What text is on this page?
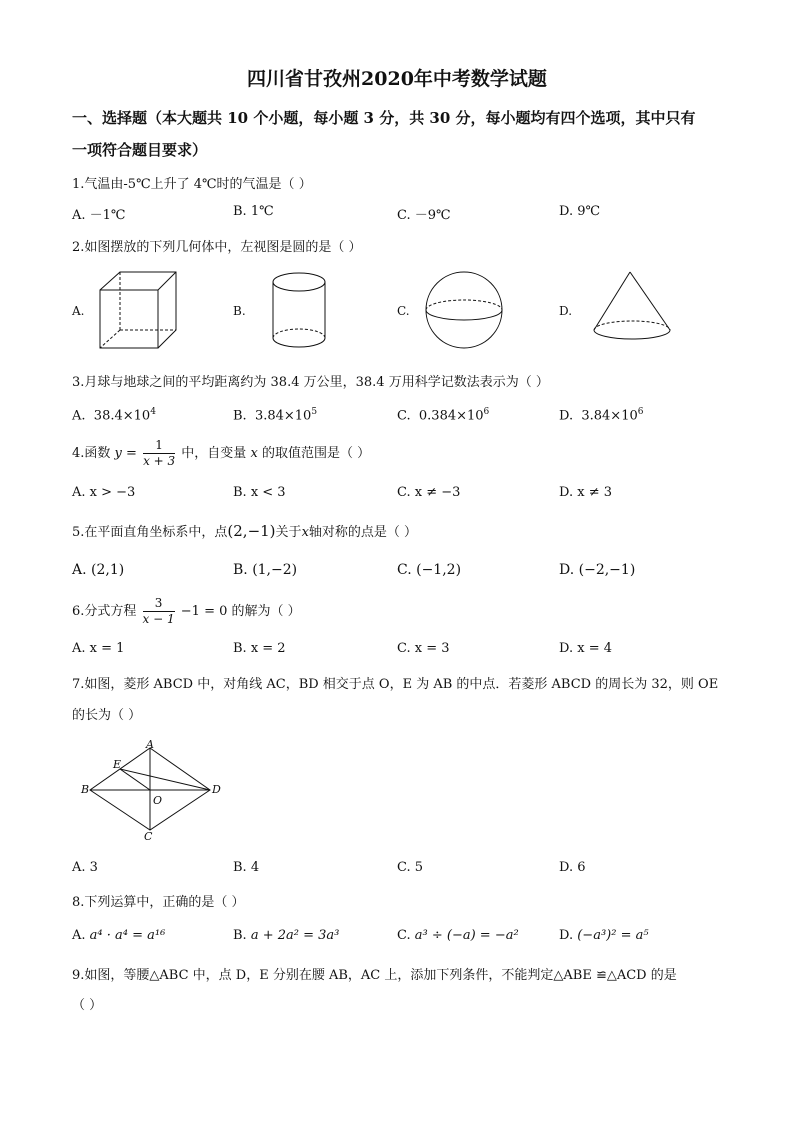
四川省甘孜州2020年中考数学试题
一、选择题（本大题共 10 个小题，每小题 3 分，共 30 分，每小题均有四个选项，其中只有
一项符合题目要求）
1.气温由-5℃上升了 4℃时的气温是（ ）
A. －1℃	B. 1℃	C. －9℃	D. 9℃
2.如图摆放的下列几何体中，左视图是圆的是（ ）
A.	B.	C.	D.
3.月球与地球之间的平均距离约为 38.4 万公里，38.4 万用科学记数法表示为（ ）
A. $38.4\times 10^4$	B. $3.84\times 10^5$	C. $0.384\times 10^6$	D. $3.84\times 10^6$
4.函数 $y = \frac{1}{x + 3}$ 中，自变量 x 的取值范围是（ ）
A. x > −3	B. x < 3	C. x ≠ −3	D. x ≠ 3
5.在平面直角坐标系中，点(2,−1)关于x轴对称的点是（ ）
A. (2,1)	B. (1,−2)	C. (−1,2)	D. (−2,−1)
6.分式方程 $\frac{3}{x - 1} -1 = 0$ 的解为（ ）
A. x = 1	B. x = 2	C. x = 3	D. x = 4
7.如图，菱形 ABCD 中，对角线 AC，BD 相交于点 O，E 为 AB 的中点．若菱形 ABCD 的周长为 32，则 OE
的长为（ ）
A
B
C
D
E
O
A. 3	B. 4	C. 5	D. 6
8.下列运算中，正确的是（ ）
A. a⁴ · a⁴ = a¹⁶	B. a + 2a² = 3a³	C. a³ ÷ (−a) = −a²	D. (−a³)² = a⁵
9.如图，等腰△ABC 中，点 D，E 分别在腰 AB，AC 上，添加下列条件，不能判定△ABE ≌△ACD 的是
（ ）
